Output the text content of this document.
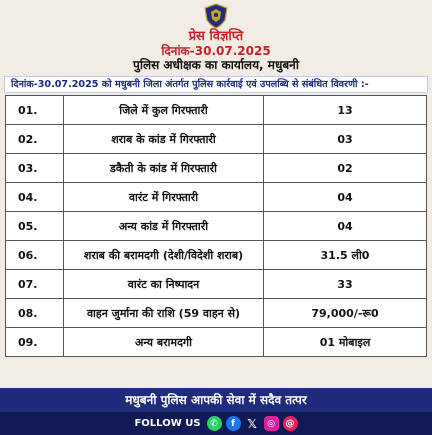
प्रेस विज्ञप्ति
दिनांक-30.07.2025
पुलिस अधीक्षक का कार्यालय, मधुबनी
दिनांक-30.07.2025 को मधुबनी जिला अंतर्गत पुलिस कार्रवाई एवं उपलब्धि से संबंधित विवरणी :-
01.	जिले में कुल गिरफ्तारी	13
02.	शराब के कांड में गिरफ्तारी	03
03.	डकैती के कांड में गिरफ्तारी	02
04.	वारंट में गिरफ्तारी	04
05.	अन्य कांड में गिरफ्तारी	04
06.	शराब की बरामदगी (देशी/विदेशी शराब)	31.5 ली0
07.	वारंट का निष्पादन	33
08.	वाहन जुर्माना की राशि (59 वाहन से)	79,000/-रू0
09.	अन्य बरामदगी	01 मोबाइल
मधुबनी पुलिस आपकी सेवा में सदैव तत्पर
FOLLOW US	✆	f	𝕏	◎	@
